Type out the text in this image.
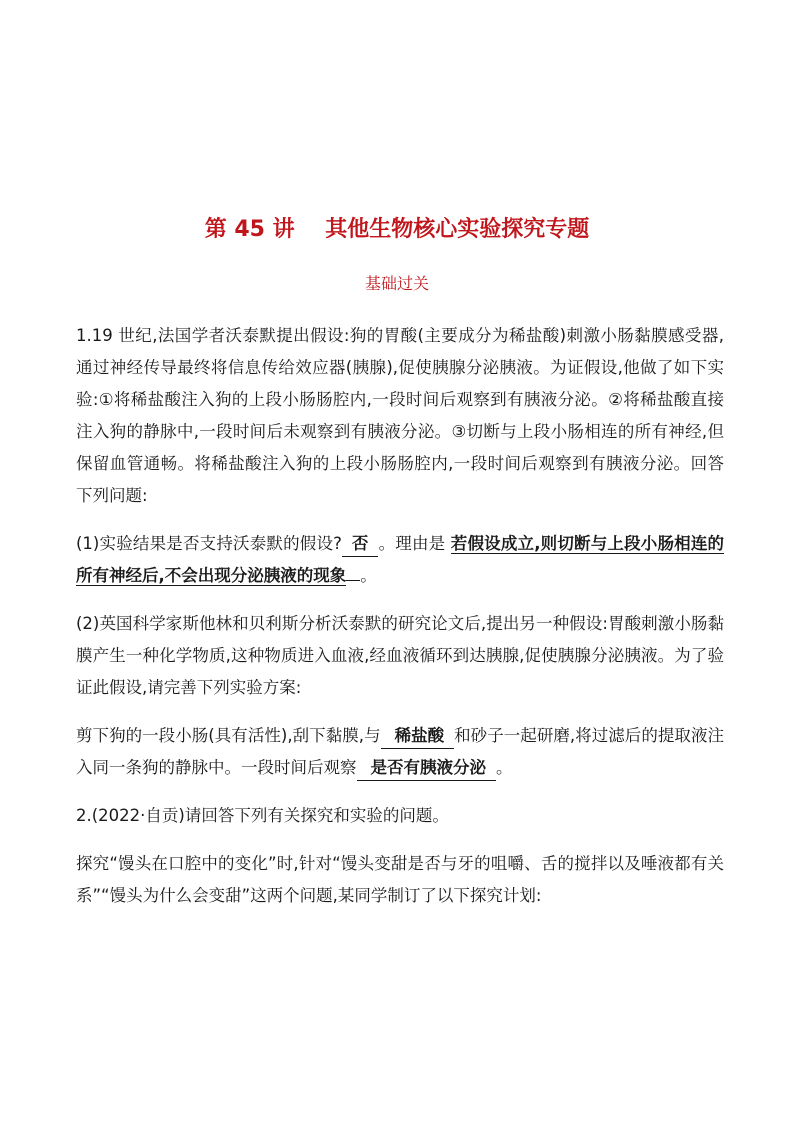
第 45 讲    其他生物核心实验探究专题
基础过关

1.19 世纪,法国学者沃泰默提出假设:狗的胃酸(主要成分为稀盐酸)刺激小肠黏膜感受器,通过神经传导最终将信息传给效应器(胰腺),促使胰腺分泌胰液。为证假设,他做了如下实验:①将稀盐酸注入狗的上段小肠肠腔内,一段时间后观察到有胰液分泌。②将稀盐酸直接注入狗的静脉中,一段时间后未观察到有胰液分泌。③切断与上段小肠相连的所有神经,但保留血管通畅。将稀盐酸注入狗的上段小肠肠腔内,一段时间后观察到有胰液分泌。回答下列问题:

(1)实验结果是否支持沃泰默的假设? 否 。理由是 若假设成立,则切断与上段小肠相连的所有神经后,不会出现分泌胰液的现象 。

(2)英国科学家斯他林和贝利斯分析沃泰默的研究论文后,提出另一种假设:胃酸刺激小肠黏膜产生一种化学物质,这种物质进入血液,经血液循环到达胰腺,促使胰腺分泌胰液。为了验证此假设,请完善下列实验方案:

剪下狗的一段小肠(具有活性),刮下黏膜,与 稀盐酸 和砂子一起研磨,将过滤后的提取液注入同一条狗的静脉中。一段时间后观察 是否有胰液分泌 。

2.(2022·自贡)请回答下列有关探究和实验的问题。

探究“馒头在口腔中的变化”时,针对“馒头变甜是否与牙的咀嚼、舌的搅拌以及唾液都有关系”“馒头为什么会变甜”这两个问题,某同学制订了以下探究计划:
